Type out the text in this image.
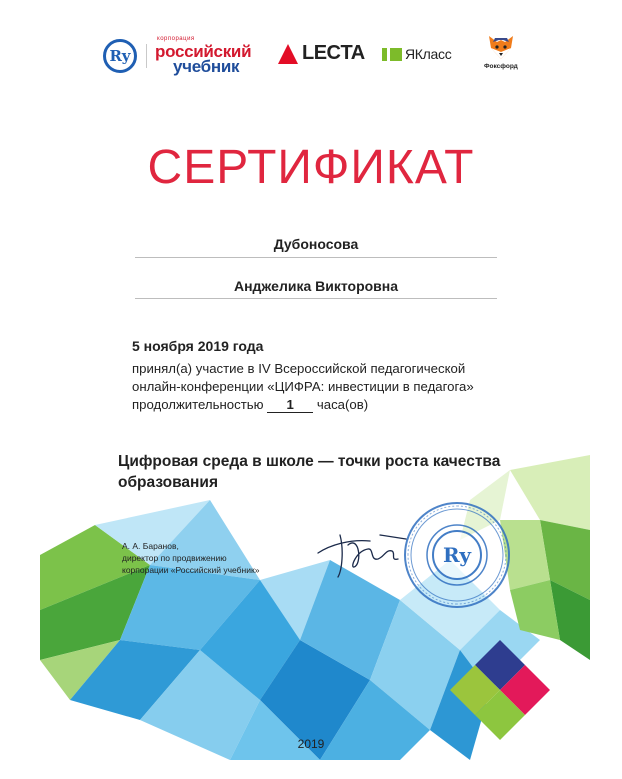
Ry
корпорация
российский
учебник
LECTA	ЯКласс
Фоксфорд
СЕРТИФИКАТ
Дубоносова
Анджелика Викторовна
5 ноября 2019 года
принял(а) участие в IV Всероссийской педагогической
онлайн-конференции «ЦИФРА: инвестиции в педагога»
продолжительностью 1 часа(ов)
Цифровая среда в школе — точки роста качества
образования
А. А. Баранов,
директор по продвижению
корпорации «Российский учебник»
Ry
2019
